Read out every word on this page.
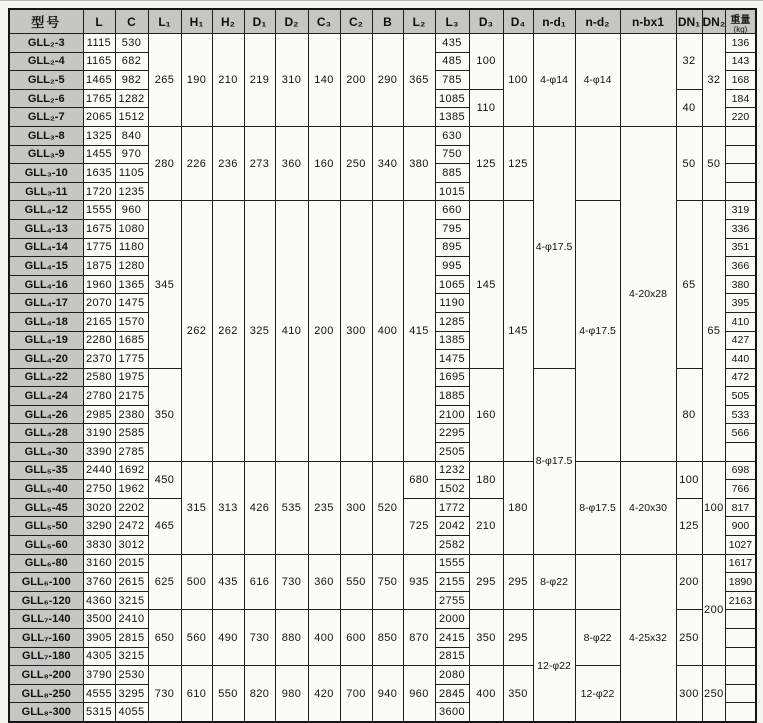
型号	L	C	L₁	H₁	H₂	D₁	D₂	C₃	C₂	B	L₂	L₃	D₃	D₄	n-d₁	n-d₂	n-bx1	DN₁	DN₂	重量
(kg)

GLL₂-3	1115	530	265	190	210	219	310	140	200	290	365	435	100	100	4-φ14	4-φ14		32	32	136
GLL₂-4	1165	682										485								143
GLL₂-5	1465	982										785								168
GLL₂-6	1765	1282										1085	110					40		184
GLL₂-7	2065	1512										1385								220
GLL₃-8	1325	840	280	226	236	273	360	160	250	340	380	630	125	125	4-φ17.5		4-20x28	50	50	
GLL₃-9	1455	970										750								
GLL₃-10	1635	1105										885								
GLL₃-11	1720	1235										1015								
GLL₄-12	1555	960	345	262	262	325	410	200	300	400	415	660	145	145		4-φ17.5		65	65	319
GLL₄-13	1675	1080										795								336
GLL₄-14	1775	1180										895								351
GLL₄-15	1875	1280										995								366
GLL₄-16	1960	1365										1065								380
GLL₄-17	2070	1475										1190								395
GLL₄-18	2165	1570										1285								410
GLL₄-19	2280	1685										1385								427
GLL₄-20	2370	1775										1475								440
GLL₄-22	2580	1975	350									1695	160		8-φ17.5			80		472
GLL₄-24	2780	2175										1885								505
GLL₄-26	2985	2380										2100								533
GLL₄-28	3190	2585										2295								566
GLL₄-30	3390	2785										2505								
GLL₅-35	2440	1692	450	315	313	426	535	235	300	520	680	1232	180	180		8-φ17.5	4-20x30	100	100	698
GLL₅-40	2750	1962										1502								766
GLL₅-45	3020	2202	465								725	1772	210					125		817
GLL₅-50	3290	2472										2042								900
GLL₅-60	3830	3012										2582								1027
GLL₆-80	3160	2015	625	500	435	616	730	360	550	750	935	1555	295	295	8-φ22		4-25x32	200	200	1617
GLL₆-100	3760	2615										2155								1890
GLL₆-120	4360	3215										2755								2163
GLL₇-140	3500	2410	650	560	490	730	880	400	600	850	870	2000	350	295	12-φ22	8-φ22		250		
GLL₇-160	3905	2815										2415								
GLL₇-180	4305	3215										2815								
GLL₈-200	3790	2530	730	610	550	820	980	420	700	940	960	2080	400	350		12-φ22		300	250	
GLL₈-250	4555	3295										2845								
GLL₈-300	5315	4055										3600								
